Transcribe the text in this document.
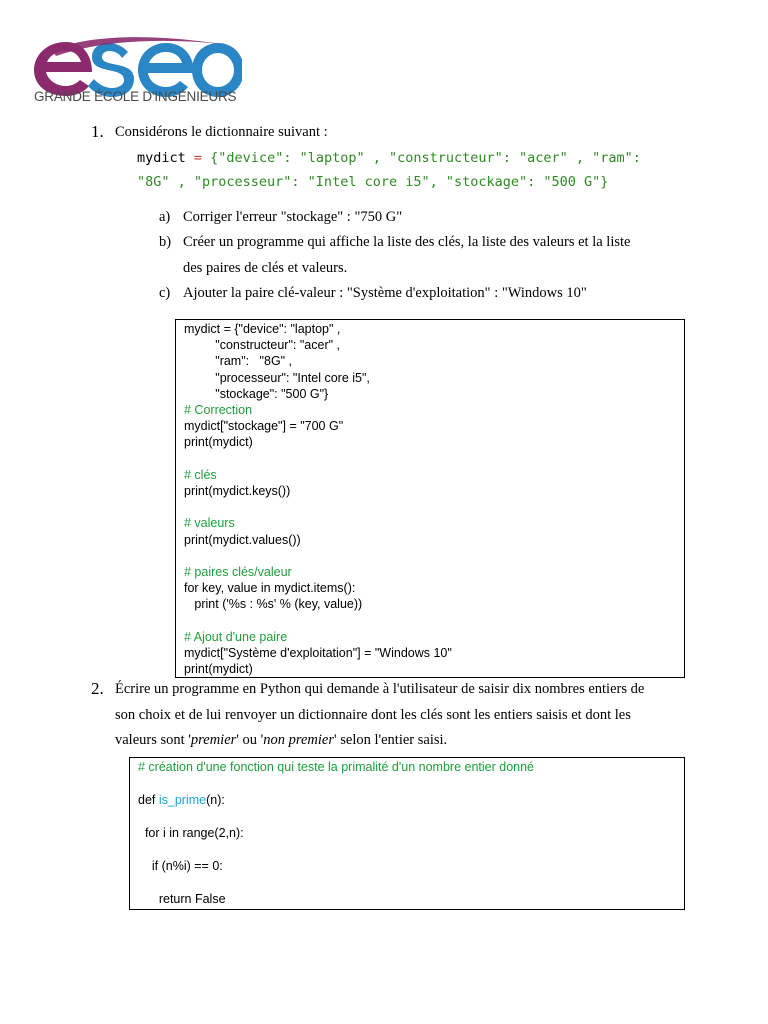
GRANDE ÉCOLE D'INGÉNIEURS
1. Considérons le dictionnaire suivant :
mydict = {"device": "laptop" , "constructeur": "acer" , "ram":
"8G" , "processeur": "Intel core i5", "stockage": "500 G"}
a) Corriger l'erreur "stockage" : "750 G"
b) Créer un programme qui affiche la liste des clés, la liste des valeurs et la liste
des paires de clés et valeurs.
c) Ajouter la paire clé-valeur : "Système d'exploitation" : "Windows 10"
mydict = {"device": "laptop" ,
"constructeur": "acer" ,
"ram":   "8G" ,
"processeur": "Intel core i5",
"stockage": "500 G"}
# Correction
mydict["stockage"] = "700 G"
print(mydict)
# clés
print(mydict.keys())
# valeurs
print(mydict.values())
# paires clés/valeur
for key, value in mydict.items():
print ('%s : %s' % (key, value))
# Ajout d'une paire
mydict["Système d'exploitation"] = "Windows 10"
print(mydict)
2. Écrire un programme en Python qui demande à l'utilisateur de saisir dix nombres entiers de
son choix et de lui renvoyer un dictionnaire dont les clés sont les entiers saisis et dont les
valeurs sont 'premier' ou 'non premier' selon l'entier saisi.
# création d'une fonction qui teste la primalité d'un nombre entier donné
def is_prime(n):
for i in range(2,n):
if (n%i) == 0:
return False
